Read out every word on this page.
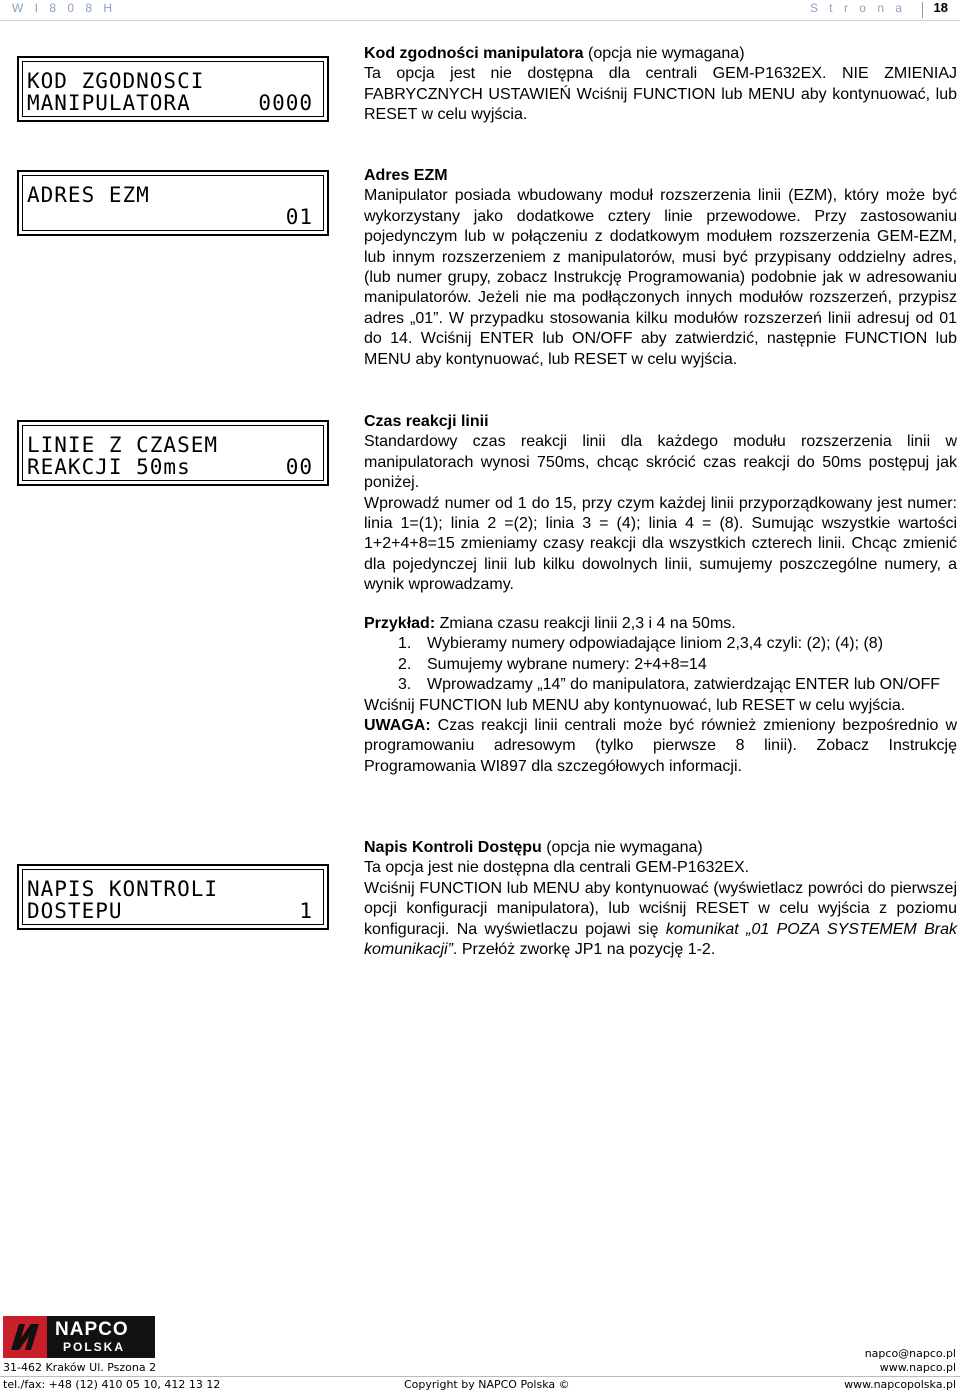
W I 8 0 8 H	S t r o n a 18
KOD ZGODNOSCI
MANIPULATORA	0000
ADRES EZM
01
LINIE Z CZASEM
REAKCJI 50ms	00
NAPIS KONTROLI
DOSTEPU	1

Kod zgodności manipulatora (opcja nie wymagana)

Ta opcja jest nie dostępna dla centrali GEM-P1632EX. NIE ZMIENIAJ FABRYCZNYCH USTAWIEŃ Wciśnij FUNCTION lub MENU aby kontynuować, lub RESET w celu wyjścia.

Adres EZM

Manipulator posiada wbudowany moduł rozszerzenia linii (EZM), który może być wykorzystany jako dodatkowe cztery linie przewodowe. Przy zastosowaniu pojedynczym lub w połączeniu z dodatkowym modułem rozszerzenia GEM-EZM, lub innym rozszerzeniem z manipulatorów, musi być przypisany oddzielny adres, (lub numer grupy, zobacz Instrukcję Programowania) podobnie jak w adresowaniu manipulatorów. Jeżeli nie ma podłączonych innych modułów rozszerzeń, przypisz adres „01”. W przypadku stosowania kilku modułów rozszerzeń linii adresuj od 01 do 14. Wciśnij ENTER lub ON/OFF aby zatwierdzić, następnie FUNCTION lub MENU aby kontynuować, lub RESET w celu wyjścia.

Czas reakcji linii

Standardowy czas reakcji linii dla każdego modułu rozszerzenia linii w manipulatorach wynosi 750ms, chcąc skrócić czas reakcji do 50ms postępuj jak poniżej.

Wprowadź numer od 1 do 15, przy czym każdej linii przyporządkowany jest numer: linia 1=(1); linia 2 =(2); linia 3 = (4); linia 4 = (8). Sumując wszystkie wartości 1+2+4+8=15 zmieniamy czasy reakcji dla wszystkich czterech linii. Chcąc zmienić dla pojedynczej linii lub kilku dowolnych linii, sumujemy poszczególne numery, a wynik wprowadzamy.

Przykład: Zmiana czasu reakcji linii 2,3 i 4 na 50ms.

1. Wybieramy numery odpowiadające liniom 2,3,4 czyli: (2); (4); (8)
2. Sumujemy wybrane numery: 2+4+8=14
3. Wprowadzamy „14” do manipulatora, zatwierdzając ENTER lub ON/OFF

Wciśnij FUNCTION lub MENU aby kontynuować, lub RESET w celu wyjścia.

UWAGA: Czas reakcji linii centrali może być również zmieniony bezpośrednio w programowaniu adresowym (tylko pierwsze 8 linii). Zobacz Instrukcję Programowania WI897 dla szczegółowych informacji.

Napis Kontroli Dostępu (opcja nie wymagana)

Ta opcja jest nie dostępna dla centrali GEM-P1632EX.

Wciśnij FUNCTION lub MENU aby kontynuować (wyświetlacz powróci do pierwszej opcji konfiguracji manipulatora), lub wciśnij RESET w celu wyjścia z poziomu konfiguracji. Na wyświetlaczu pojawi się komunikat „01 POZA SYSTEMEM Brak komunikacji”. Przełóż zworkę JP1 na pozycję 1-2.

NAPCO
POLSKA
31-462 Kraków Ul. Pszona 2
napco@napco.pl
www.napco.pl
tel./fax: +48 (12) 410 05 10, 412 13 12	Copyright by NAPCO Polska ©	www.napcopolska.pl
